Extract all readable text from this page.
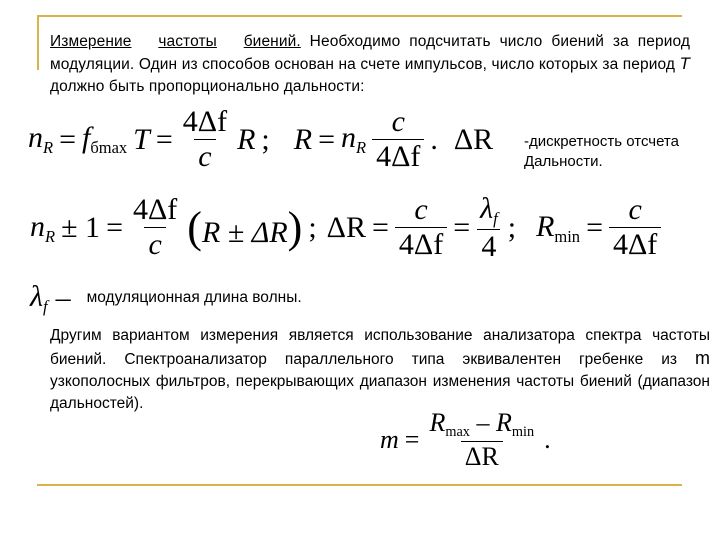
Измерение частоты биений. Необходимо подсчитать число биений за период модуляции. Один из способов основан на счете импульсов, число которых за период T должно быть пропорционально дальности:
$n_R = fб\max$ $T = \frac{4\Delta f}{c}$ R ; $R = n_R \frac{c}{4\Delta f}$ . ΔR -дискретность отсчета
Дальности.
$n_R \pm 1 = \frac{4\Delta f}{c} (R \pm \Delta R)$ ; $\Delta R = \frac{c}{4\Delta f} = \frac{\lambda_f}{4}$ ; $Rmin = \frac{c}{4\Delta f}$
$\lambda_f$ – модуляционная длина волны.
Другим вариантом измерения является использование анализатора спектра частоты биений. Спектроанализатор параллельного типа эквивалентен гребенке из m узкополосных фильтров, перекрывающих диапазон изменения частоты биений (диапазон дальностей).
$m = \frac{Rmax - Rmin}{\Delta R}$ .
